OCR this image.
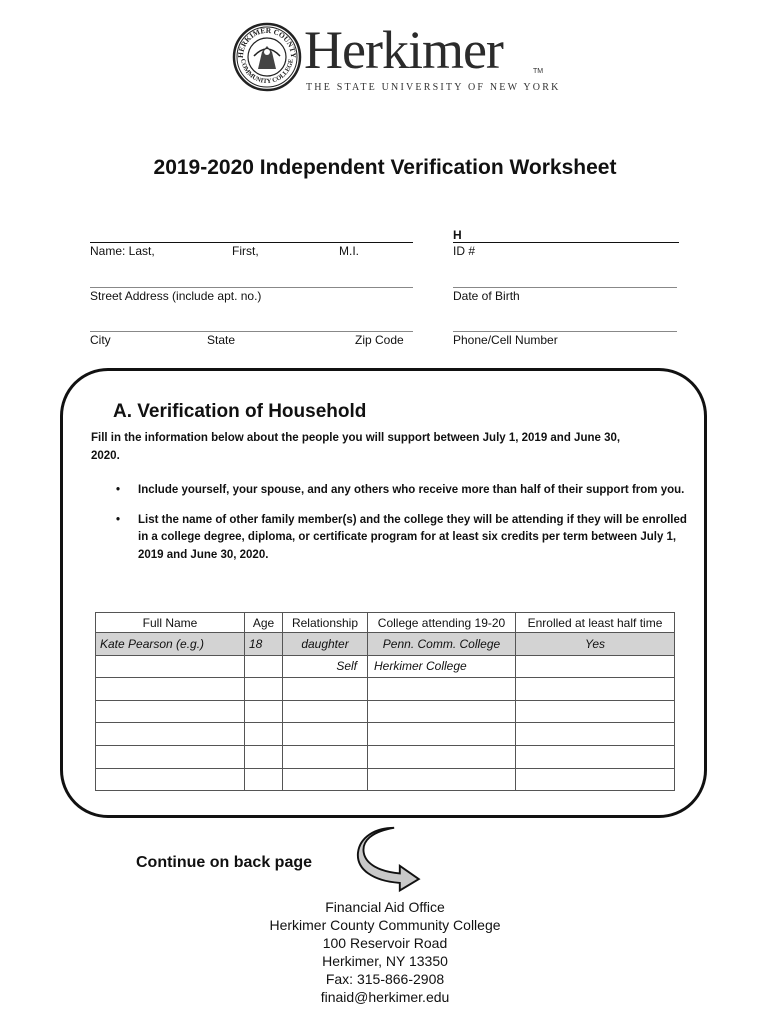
HERKIMER COUNTY
COMMUNITY COLLEGE Herkimer	TM
THE STATE UNIVERSITY OF NEW YORK
2019-2020 Independent Verification Worksheet
Name: Last,	First,	M.I.
H
ID #
Street Address (include apt. no.)	Date of Birth
City	State	Zip Code	Phone/Cell Number
A. Verification of Household
Fill in the information below about the people you will support between July 1, 2019 and June 30, 2020.
• Include yourself, your spouse, and any others who receive more than half of their support from you.
• List the name of other family member(s) and the college they will be attending if they will be enrolled in a college degree, diploma, or certificate program for at least six credits per term between July 1, 2019 and June 30, 2020.
Full Name	Age	Relationship	College attending 19-20	Enrolled at least half time
Kate Pearson (e.g.)	18	daughter	Penn. Comm. College	Yes
		Self	Herkimer College	

Continue on back page
Financial Aid Office
Herkimer County Community College
100 Reservoir Road
Herkimer, NY 13350
Fax: 315-866-2908
finaid@herkimer.edu
